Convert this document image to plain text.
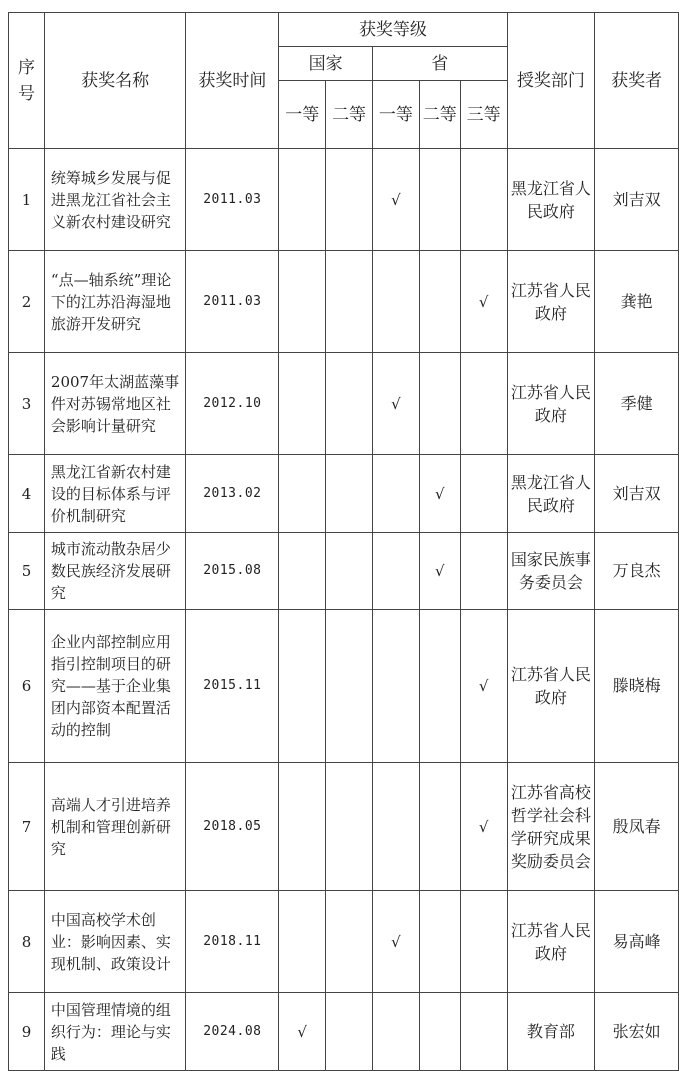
序号	获奖名称	获奖时间	获奖等级					授奖部门	获奖者
			国家		省				
			一等	二等	一等	二等	三等		
1	统筹城乡发展与促进黑龙江省社会主义新农村建设研究	2011.03			√			黑龙江省人民政府	刘吉双
2	“点—轴系统”理论下的江苏沿海湿地旅游开发研究	2011.03					√	江苏省人民政府	龚艳
3	2007年太湖蓝藻事件对苏锡常地区社会影响计量研究	2012.10			√			江苏省人民政府	季健
4	黑龙江省新农村建设的目标体系与评价机制研究	2013.02				√		黑龙江省人民政府	刘吉双
5	城市流动散杂居少数民族经济发展研究	2015.08				√		国家民族事务委员会	万良杰
6	企业内部控制应用指引控制项目的研究——基于企业集团内部资本配置活动的控制	2015.11					√	江苏省人民政府	滕晓梅
7	高端人才引进培养机制和管理创新研究	2018.05					√	江苏省高校哲学社会科学研究成果奖励委员会	殷凤春
8	中国高校学术创业：影响因素、实现机制、政策设计	2018.11			√			江苏省人民政府	易高峰
9	中国管理情境的组织行为：理论与实践	2024.08	√					教育部	张宏如
